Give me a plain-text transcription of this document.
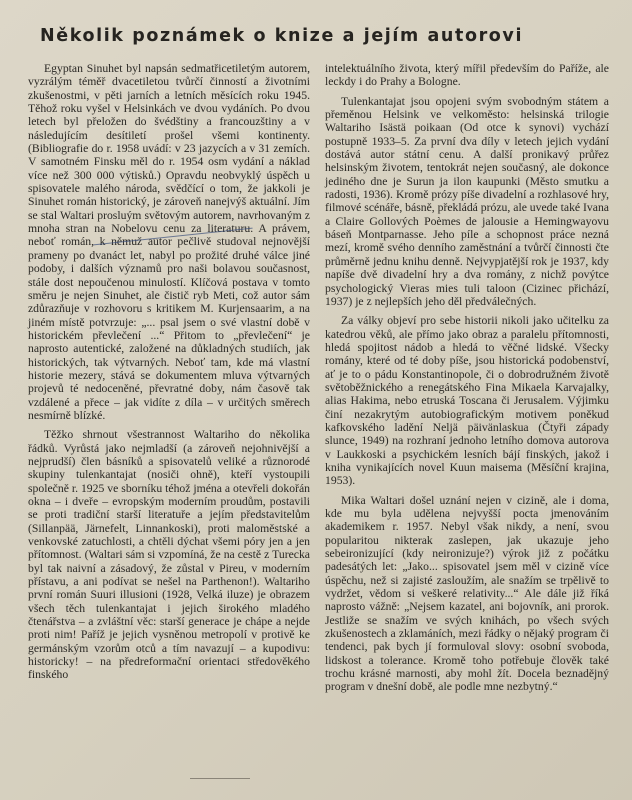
Několik poznámek o knize a jejím autorovi

Egyptan Sinuhet byl napsán sedmatřicetiletým autorem, vyzrálým téměř dvacetiletou tvůrčí činností a životními zkušenostmi, v pěti jarních a letních měsících roku 1945. Těhož roku vyšel v Helsinkách ve dvou vydáních. Po dvou letech byl přeložen do švédštiny a francouzštiny a v následujícím desítiletí prošel všemi kontinenty. (Bibliografie do r. 1958 uvádí: v 23 jazycích a v 31 zemích. V samotném Finsku měl do r. 1954 osm vydání a náklad více než 300 000 výtisků.) Opravdu neobvyklý úspěch u spisovatele malého národa, svědčící o tom, že jakkoli je Sinuhet román historický, je zároveň nanejvýš aktuální. Jím se stal Waltari prosluým světovým autorem, navrhovaným z mnoha stran na Nobelovu cenu za literaturu. A právem, neboť román, k němuž autor pečlivě studoval nejnovější prameny po dvanáct let, nabyl po prožité druhé válce jiné podoby, i dalších významů pro naši bolavou současnost, stále dost nepoučenou minulostí. Klíčová postava v tomto směru je nejen Sinuhet, ale čistič ryb Meti, což autor sám zdůrazňuje v rozhovoru s kritikem M. Kurjensaarim, a na jiném místě potvrzuje: „... psal jsem o své vlastní době v historickém převlečení ...“ Přitom to „převlečení“ je naprosto autentické, založené na důkladných studiích, jak historických, tak výtvarných. Neboť tam, kde má vlastní historie mezery, stává se dokumentem mluva výtvarných projevů té nedoceněné, převratné doby, nám časově tak vzdálené a přece – jak vidíte z díla – v určitých směrech nesmírně blízké.

Těžko shrnout všestrannost Waltariho do několika řádků. Vyrůstá jako nejmladší (a zároveň nejohnivější a nejprudší) člen básníků a spisovatelů veliké a různorodé skupiny tulenkantajat (nosiči ohně), kteří vystoupili společně r. 1925 ve sborníku téhož jména a otevřeli dokořán okna – i dveře – evropským moderním proudům, postavili se proti tradiční starší literatuře a jejím představitelům (Sillanpää, Järnefelt, Linnankoski), proti maloměstské a venkovské zatuchlosti, a chtěli dýchat všemi póry jen a jen přítomnost. (Waltari sám si vzpomíná, že na cestě z Turecka byl tak naivní a zásadový, že zůstal v Pireu, v moderním přístavu, a ani podívat se nešel na Parthenon!). Waltariho první román Suuri illusioni (1928, Velká iluze) je obrazem všech těch tulenkantajat i jejich širokého mladého čtenářstva – a zvláštní věc: starší generace je chápe a nejde proti nim! Paříž je jejich vysněnou metropolí v protivě ke germánským vzorům otců a tím navazují – a kupodivu: historicky! – na předreformační orientaci středověkého finského

intelektuálního života, který mířil především do Paříže, ale leckdy i do Prahy a Bologne.

Tulenkantajat jsou opojeni svým svobodným státem a přeměnou Helsink ve velkoměsto: helsinská trilogie Waltariho Isästä poikaan (Od otce k synovi) vychází postupně 1933–5. Za první dva díly v letech jejich vydání dostává autor státní cenu. A další pronikavý průřez helsinským životem, tentokrát nejen současný, ale dokonce jediného dne je Surun ja ilon kaupunki (Město smutku a radosti, 1936). Kromě prózy píše divadelní a rozhlasové hry, filmové scénáře, básně, překládá prózu, ale uvede také Ivana a Claire Gollových Poèmes de jalousie a Hemingwayovu báseň Montparnasse. Jeho píle a schopnost práce nezná mezí, kromě svého denního zaměstnání a tvůrčí činnosti čte průměrně jednu knihu denně. Nejvypjatější rok je 1937, kdy napíše dvě divadelní hry a dva romány, z nichž povýtce psychologický Vieras mies tuli taloon (Cizinec přichází, 1937) je z nejlepších jeho děl předválečných.

Za války objeví pro sebe historii nikoli jako učitelku za katedrou věků, ale přímo jako obraz a paralelu přítomnosti, hledá spojitost nádob a hledá to věčné lidské. Všecky romány, které od té doby píše, jsou historická podobenství, ať je to o pádu Konstantinopole, či o dobrodružném životě světoběžnického a renegátského Fina Mikaela Karvajalky, alias Hakima, nebo etruská Toscana či Jerusalem. Výjimku činí nezakrytým autobiografickým motivem poněkud kafkovského ladění Neljä päivänlaskua (Čtyři západy slunce, 1949) na rozhraní jednoho letního domova autorova v Laukkoski a psychickém lesních bájí finských, jakož i kniha vynikajících novel Kuun maisema (Měsíční krajina, 1953).

Mika Waltari došel uznání nejen v cizině, ale i doma, kde mu byla udělena nejvyšší pocta jmenováním akademikem r. 1957. Nebyl však nikdy, a není, svou popularitou nikterak zaslepen, jak ukazuje jeho sebeironizující (kdy neironizuje?) výrok již z počátku padesátých let: „Jako... spisovatel jsem měl v cizině více úspěchu, než si zajisté zasloužím, ale snažím se trpělivě to vydržet, vědom si veškeré relativity...“ Ale dále již říká naprosto vážně: „Nejsem kazatel, ani bojovník, ani prorok. Jestliže se snažím ve svých knihách, po všech svých zkušenostech a zklamáních, mezi řádky o nějaký program či tendenci, pak bych jí formuloval slovy: osobní svoboda, lidskost a tolerance. Kromě toho potřebuje člověk také trochu krásné marnosti, aby mohl žít. Docela beznadějný program v dnešní době, ale podle mne nezbytný.“
